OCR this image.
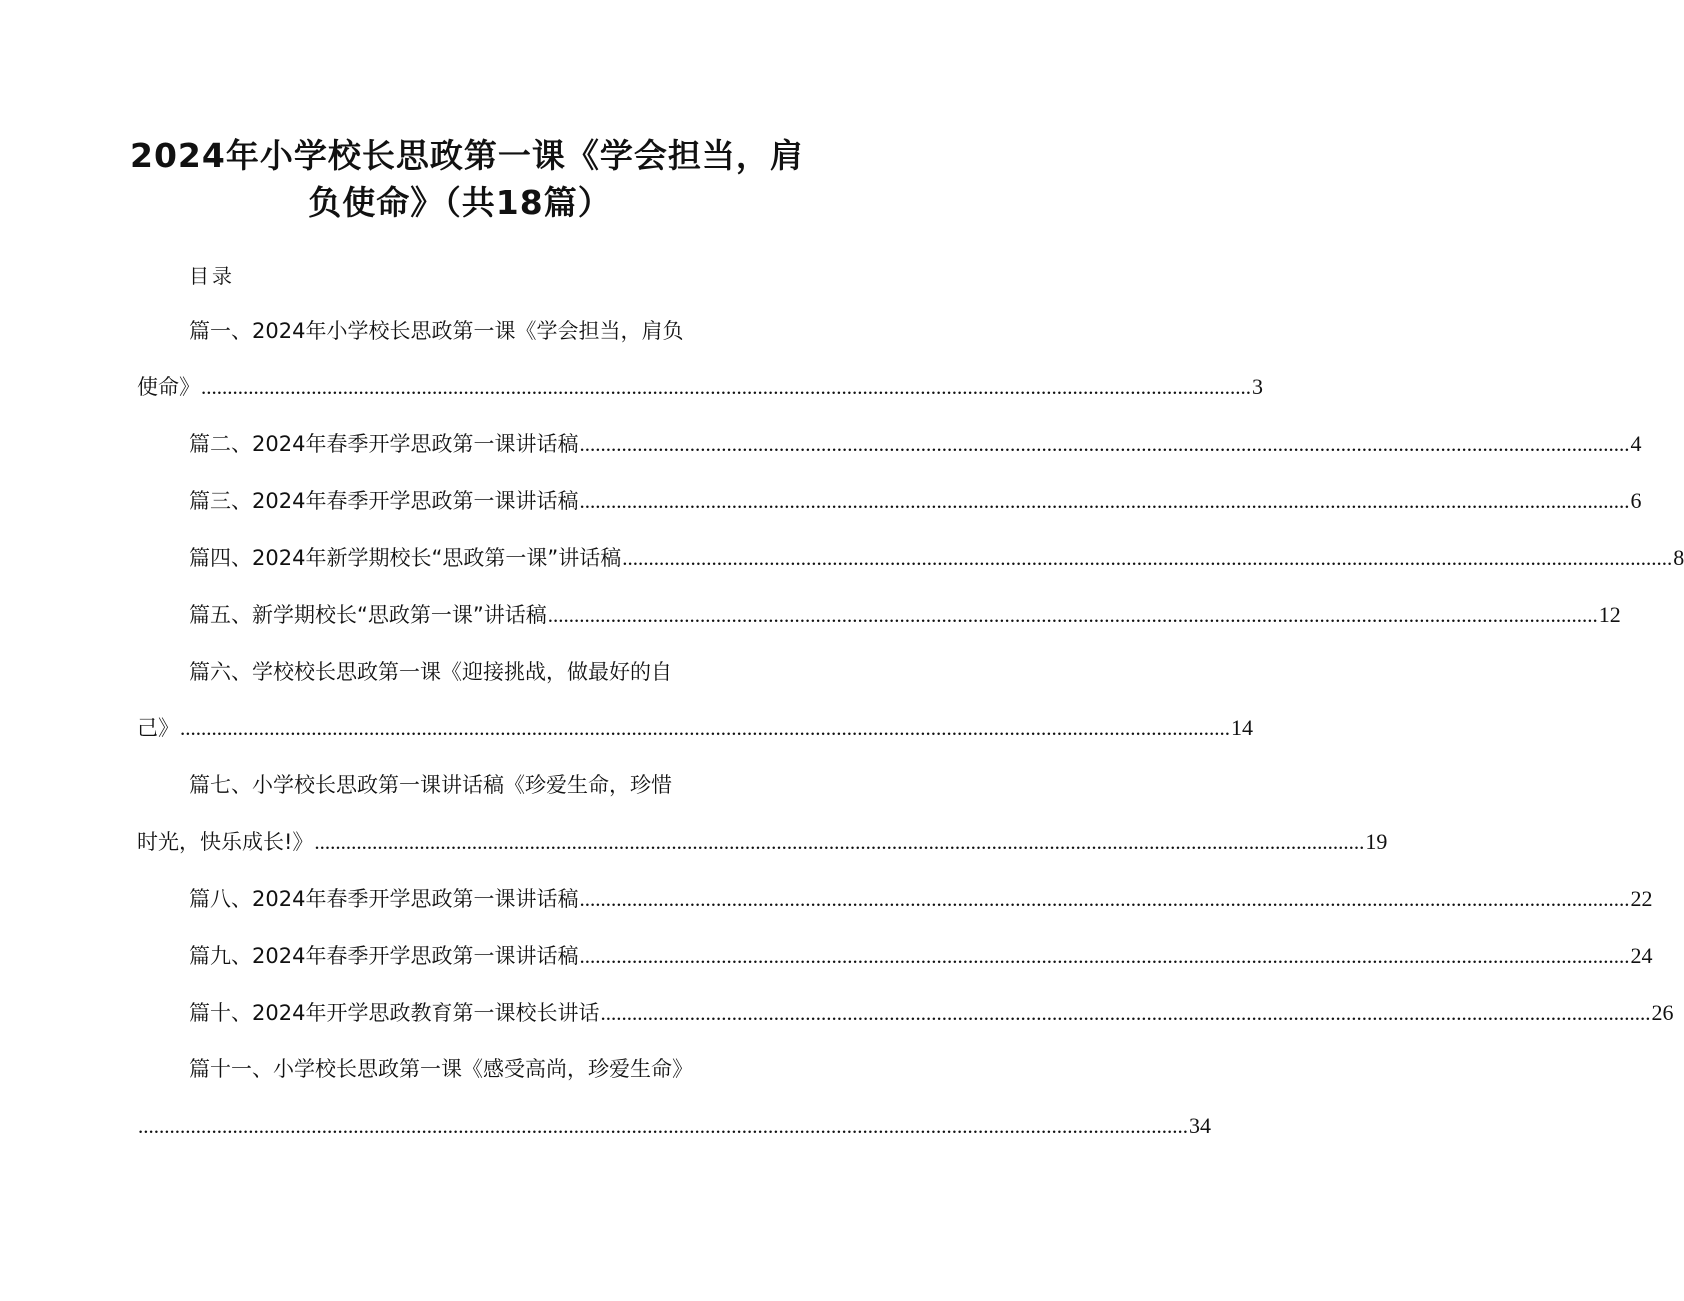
2024年小学校长思政第一课《学会担当，肩
负使命》（共18篇）
目录
篇一、2024年小学校长思政第一课《学会担当，肩负
使命》 ........................................................................................................................................................................................................ 3
篇二、2024年春季开学思政第一课讲话稿 ........................................................................................................................................................................................................ 4
篇三、2024年春季开学思政第一课讲话稿 ........................................................................................................................................................................................................ 6
篇四、2024年新学期校长“思政第一课”讲话稿 ........................................................................................................................................................................................................ 8
篇五、新学期校长“思政第一课”讲话稿 ........................................................................................................................................................................................................ 12
篇六、学校校长思政第一课《迎接挑战，做最好的自
己》 ........................................................................................................................................................................................................ 14
篇七、小学校长思政第一课讲话稿《珍爱生命，珍惜
时光，快乐成长!》 ........................................................................................................................................................................................................ 19
篇八、2024年春季开学思政第一课讲话稿 ........................................................................................................................................................................................................ 22
篇九、2024年春季开学思政第一课讲话稿 ........................................................................................................................................................................................................ 24
篇十、2024年开学思政教育第一课校长讲话 ........................................................................................................................................................................................................ 26
篇十一、小学校长思政第一课《感受高尚，珍爱生命》
........................................................................................................................................................................................................ 34
